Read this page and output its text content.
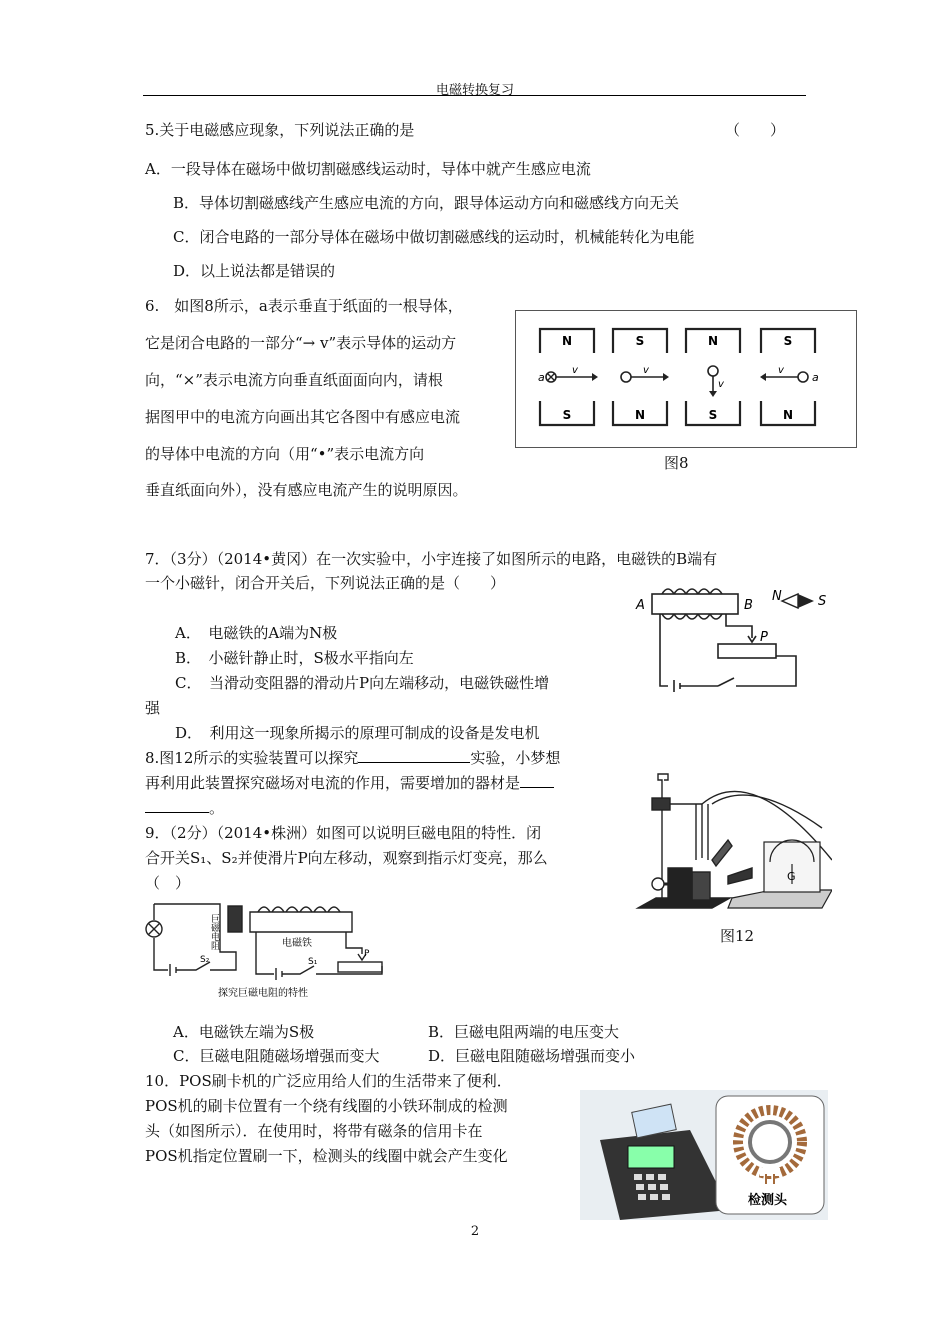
电磁转换复习
5.关于电磁感应现象，下列说法正确的是	（　　）
A．一段导体在磁场中做切割磁感线运动时，导体中就产生感应电流
B．导体切割磁感线产生感应电流的方向，跟导体运动方向和磁感线方向无关
C．闭合电路的一部分导体在磁场中做切割磁感线的运动时，机械能转化为电能
D．以上说法都是错误的
6.　如图8所示，a表示垂直于纸面的一根导体，
它是闭合电路的一部分“→ v”表示导体的运动方
向，“×”表示电流方向垂直纸面面向内，请根
据图甲中的电流方向画出其它各图中有感应电流
的导体中电流的方向（用“•”表示电流方向
垂直纸面向外），没有感应电流产生的说明原因。
N	S	N	S
S	N	S	N
a
v	v
v
v
a
图8
7．（3分）（2014•黄冈）在一次实验中，小宇连接了如图所示的电路，电磁铁的B端有
一个小磁针，闭合开关后，下列说法正确的是（　　）
A．　电磁铁的A端为N极
B．　小磁针静止时，S极水平指向左
C．　当滑动变阻器的滑动片P向左端移动，电磁铁磁性增
强
D．　利用这一现象所揭示的原理可制成的设备是发电机
A	B
N	S
P
8.图12所示的实验装置可以探究	实验，小梦想
再利用此装置探究磁场对电流的作用，需要增加的器材是
。
G
图12
9．（2分）（2014•株洲）如图可以说明巨磁电阻的特性．闭
合开关S₁、S₂并使滑片P向左移动，观察到指示灯变亮，那么
（　）
巨磁电阻	电磁铁
S₂	S₁
P
探究巨磁电阻的特性
A．电磁铁左端为S极	B．巨磁电阻两端的电压变大
C．巨磁电阻随磁场增强而变大	D．巨磁电阻随磁场增强而变小
10．POS刷卡机的广泛应用给人们的生活带来了便利．
POS机的刷卡位置有一个绕有线圈的小铁环制成的检测
头（如图所示）．在使用时，将带有磁条的信用卡在
POS机指定位置刷一下，检测头的线圈中就会产生变化
检测头
2
